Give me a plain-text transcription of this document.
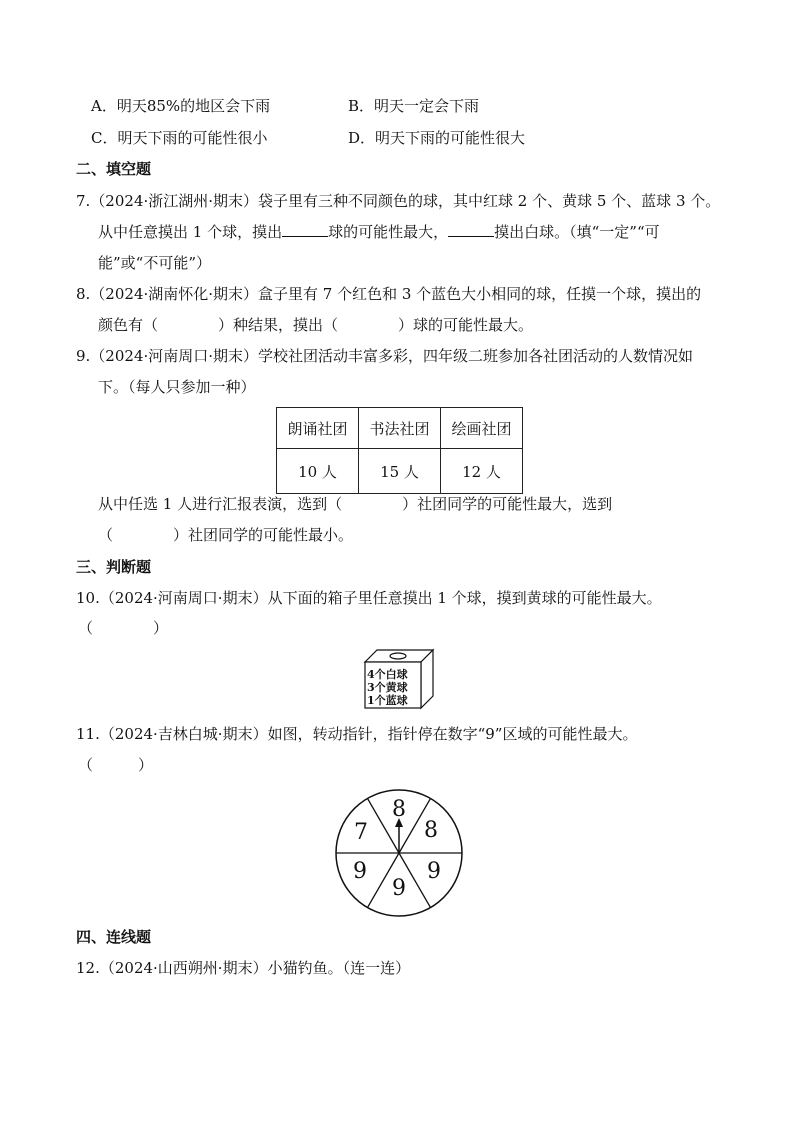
A．明天85%的地区会下雨	B．明天一定会下雨
C．明天下雨的可能性很小	D．明天下雨的可能性很大
二、填空题
7.（2024·浙江湖州·期末）袋子里有三种不同颜色的球，其中红球 2 个、黄球 5 个、蓝球 3 个。
从中任意摸出 1 个球，摸出	球的可能性最大，	摸出白球。（填“一定”“可
能”或“不可能”）
8.（2024·湖南怀化·期末）盒子里有 7 个红色和 3 个蓝色大小相同的球，任摸一个球，摸出的
颜色有（　　　　）种结果，摸出（　　　　）球的可能性最大。
9.（2024·河南周口·期末）学校社团活动丰富多彩，四年级二班参加各社团活动的人数情况如
下。（每人只参加一种）
朗诵社团	书法社团	绘画社团
10 人	15 人	12 人
从中任选 1 人进行汇报表演，选到（　　　　）社团同学的可能性最大，选到
（　　　　）社团同学的可能性最小。
三、判断题
10.（2024·河南周口·期末）从下面的箱子里任意摸出 1 个球，摸到黄球的可能性最大。
（　　　　）
4个白球
3个黄球
1个蓝球
11.（2024·吉林白城·期末）如图，转动指针，指针停在数字“9”区域的可能性最大。
（　　　）
8
8
9
9
9
7
四、连线题
12.（2024·山西朔州·期末）小猫钓鱼。（连一连）
